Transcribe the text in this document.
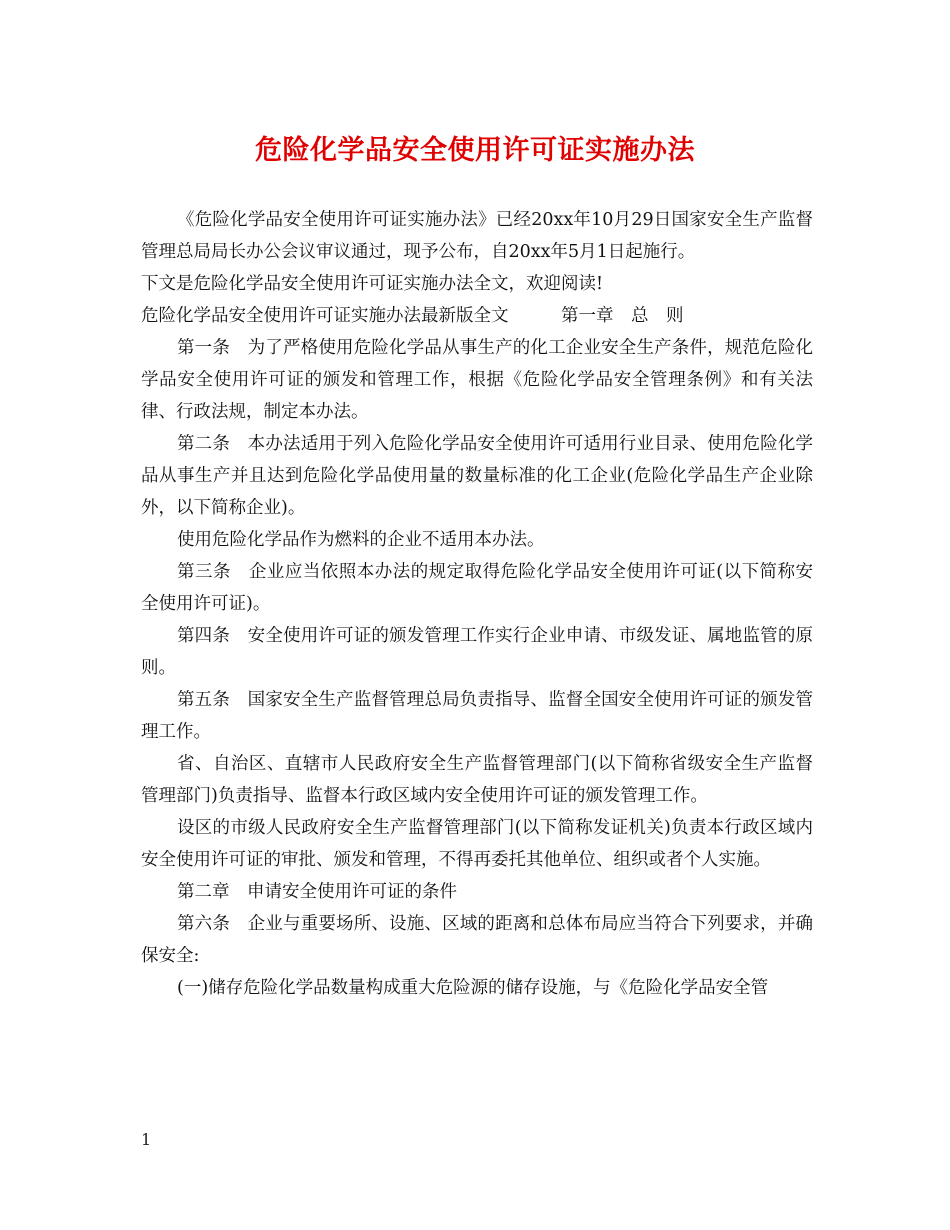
危险化学品安全使用许可证实施办法

《危险化学品安全使用许可证实施办法》已经20xx年10月29日国家安全生产监督管理总局局长办公会议审议通过，现予公布，自20xx年5月1日起施行。

下文是危险化学品安全使用许可证实施办法全文，欢迎阅读!

危险化学品安全使用许可证实施办法最新版全文　　　第一章　总　则

第一条　为了严格使用危险化学品从事生产的化工企业安全生产条件，规范危险化学品安全使用许可证的颁发和管理工作，根据《危险化学品安全管理条例》和有关法律、行政法规，制定本办法。

第二条　本办法适用于列入危险化学品安全使用许可适用行业目录、使用危险化学品从事生产并且达到危险化学品使用量的数量标准的化工企业(危险化学品生产企业除外，以下简称企业)。

使用危险化学品作为燃料的企业不适用本办法。

第三条　企业应当依照本办法的规定取得危险化学品安全使用许可证(以下简称安全使用许可证)。

第四条　安全使用许可证的颁发管理工作实行企业申请、市级发证、属地监管的原则。

第五条　国家安全生产监督管理总局负责指导、监督全国安全使用许可证的颁发管理工作。

省、自治区、直辖市人民政府安全生产监督管理部门(以下简称省级安全生产监督管理部门)负责指导、监督本行政区域内安全使用许可证的颁发管理工作。

设区的市级人民政府安全生产监督管理部门(以下简称发证机关)负责本行政区域内安全使用许可证的审批、颁发和管理，不得再委托其他单位、组织或者个人实施。

第二章　申请安全使用许可证的条件

第六条　企业与重要场所、设施、区域的距离和总体布局应当符合下列要求，并确保安全:

(一)储存危险化学品数量构成重大危险源的储存设施，与《危险化学品安全管

1
